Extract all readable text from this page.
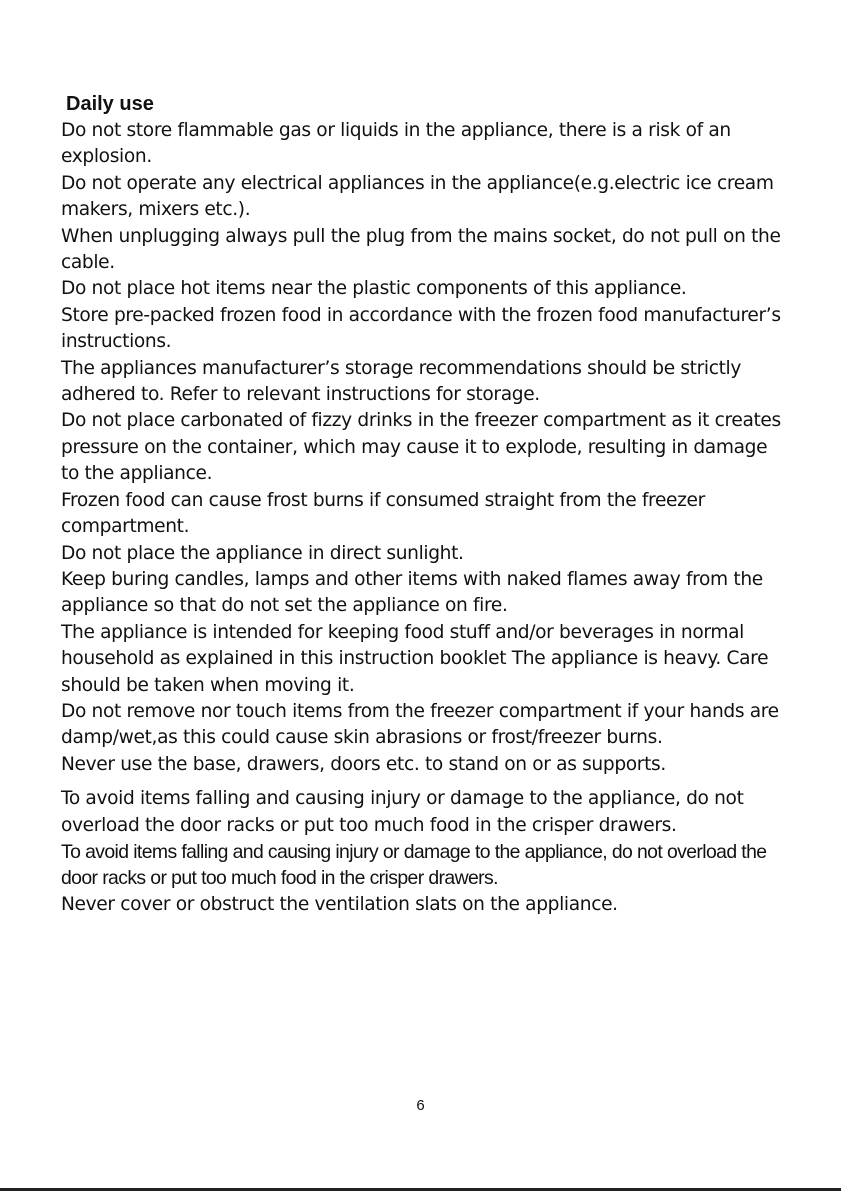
Daily use

Do not store flammable gas or liquids in the appliance, there is a risk of an explosion.

Do not operate any electrical appliances in the appliance(e.g.electric ice cream makers, mixers etc.).

When unplugging always pull the plug from the mains socket, do not pull on the cable.

Do not place hot items near the plastic components of this appliance.

Store pre-packed frozen food in accordance with the frozen food manufacturer’s instructions.

The appliances manufacturer’s storage recommendations should be strictly adhered to. Refer to relevant instructions for storage.

Do not place carbonated of fizzy drinks in the freezer compartment as it creates pressure on the container, which may cause it to explode, resulting in damage to the appliance.

Frozen food can cause frost burns if consumed straight from the freezer compartment.

Do not place the appliance in direct sunlight.

Keep buring candles, lamps and other items with naked flames away from the appliance so that do not set the appliance on fire.

The appliance is intended for keeping food stuff and/or beverages in normal household as explained in this instruction booklet The appliance is heavy. Care should be taken when moving it.

Do not remove nor touch items from the freezer compartment if your hands are damp/wet,as this could cause skin abrasions or frost/freezer burns.

Never use the base, drawers, doors etc. to stand on or as supports.

To avoid items falling and causing injury or damage to the appliance, do not overload the door racks or put too much food in the crisper drawers.

To avoid items falling and causing injury or damage to the appliance, do not overload the door racks or put too much food in the crisper drawers.

Never cover or obstruct the ventilation slats on the appliance.

6
